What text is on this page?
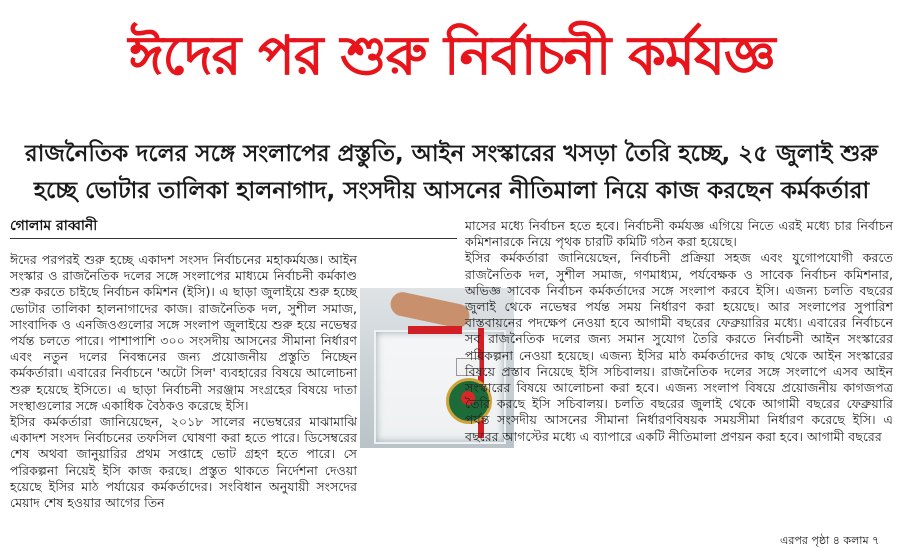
ঈদের পর শুরু নির্বাচনী কর্মযজ্ঞ
রাজনৈতিক দলের সঙ্গে সংলাপের প্রস্তুতি, আইন সংস্কারের খসড়া তৈরি হচ্ছে, ২৫ জুলাই শুরু
হচ্ছে ভোটার তালিকা হালনাগাদ, সংসদীয় আসনের নীতিমালা নিয়ে কাজ করছেন কর্মকর্তারা
গোলাম রাব্বানী

ঈদের পরপরই শুরু হচ্ছে একাদশ সংসদ নির্বাচনের মহাকর্মযজ্ঞ। আইন সংস্কার ও রাজনৈতিক দলের সঙ্গে সংলাপের মাধ্যমে নির্বাচনী কর্মকাণ্ড শুরু করতে চাইছে নির্বাচন কমিশন (ইসি)। এ ছাড়া জুলাইয়ে শুরু হচ্ছে ভোটার তালিকা হালনাগাদের কাজ। রাজনৈতিক দল, সুশীল সমাজ, সাংবাদিক ও এনজিওগুলোর সঙ্গে সংলাপ জুলাইয়ে শুরু হয়ে নভেম্বর পর্যন্ত চলতে পারে। পাশাপাশি ৩০০ সংসদীয় আসনের সীমানা নির্ধারণ এবং নতুন দলের নিবন্ধনের জন্য প্রয়োজনীয় প্রস্তুতি নিচ্ছেন কর্মকর্তারা। এবারের নির্বাচনে 'অটো সিল' ব্যবহারের বিষয়ে আলোচনা শুরু হয়েছে ইসিতে। এ ছাড়া নির্বাচনী সরঞ্জাম সংগ্রহের বিষয়ে দাতা সংস্থাগুলোর সঙ্গে একাধিক বৈঠকও করেছে ইসি।

ইসির কর্মকর্তারা জানিয়েছেন, ২০১৮ সালের নভেম্বরের মাঝামাঝি একাদশ সংসদ নির্বাচনের তফসিল ঘোষণা করা হতে পারে। ডিসেম্বরের শেষ অথবা জানুয়ারির প্রথম সপ্তাহে ভোট গ্রহণ হতে পারে। সে পরিকল্পনা নিয়েই ইসি কাজ করছে। প্রস্তুত থাকতে নির্দেশনা দেওয়া হয়েছে ইসির মাঠ পর্যায়ের কর্মকর্তাদের। সংবিধান অনুযায়ী সংসদের মেয়াদ শেষ হওয়ার আগের তিন

মাসের মধ্যে নির্বাচন হতে হবে। নির্বাচনী কর্মযজ্ঞ এগিয়ে নিতে এরই মধ্যে চার নির্বাচন কমিশনারকে নিয়ে পৃথক চারটি কমিটি গঠন করা হয়েছে।

ইসির কর্মকর্তারা জানিয়েছেন, নির্বাচনী প্রক্রিয়া সহজ এবং যুগোপযোগী করতে রাজনৈতিক দল, সুশীল সমাজ, গণমাধ্যম, পর্যবেক্ষক ও সাবেক নির্বাচন কমিশনার, অভিজ্ঞ সাবেক নির্বাচন কর্মকর্তাদের সঙ্গে সংলাপ করবে ইসি। এজন্য চলতি বছরের জুলাই থেকে নভেম্বর পর্যন্ত সময় নির্ধারণ করা হয়েছে। আর সংলাপের সুপারিশ বাস্তবায়নের পদক্ষেপ নেওয়া হবে আগামী বছরের ফেব্রুয়ারির মধ্যে। এবারের নির্বাচনে সব রাজনৈতিক দলের জন্য সমান সুযোগ তৈরি করতে নির্বাচনী আইন সংস্কারের পরিকল্পনা নেওয়া হয়েছে। এজন্য ইসির মাঠ কর্মকর্তাদের কাছ থেকে আইন সংস্কারের বিষয়ে প্রস্তাব নিয়েছে ইসি সচিবালয়। রাজনৈতিক দলের সঙ্গে সংলাপে এসব আইন সংস্কারের বিষয়ে আলোচনা করা হবে। এজন্য সংলাপ বিষয়ে প্রয়োজনীয় কাগজপত্র তৈরি করছে ইসি সচিবালয়। চলতি বছরের জুলাই থেকে আগামী বছরের ফেব্রুয়ারি পর্যন্ত সংসদীয় আসনের সীমানা নির্ধারণবিষয়ক সময়সীমা নির্ধারণ করেছে ইসি। এ বছরের আগস্টের মধ্যে এ ব্যাপারে একটি নীতিমালা প্রণয়ন করা হবে। আগামী বছরের

এরপর পৃষ্ঠা ৪ কলাম ৭
